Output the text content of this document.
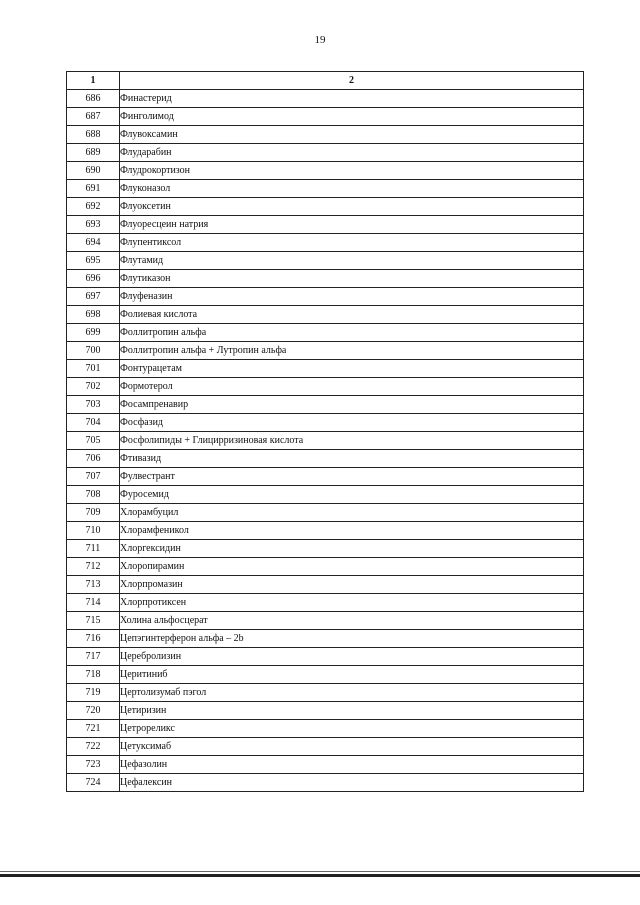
19
1	2
686	Финастерид
687	Финголимод
688	Флувоксамин
689	Флударабин
690	Флудрокортизон
691	Флуконазол
692	Флуоксетин
693	Флуоресцеин натрия
694	Флупентиксол
695	Флутамид
696	Флутиказон
697	Флуфеназин
698	Фолиевая кислота
699	Фоллитропин альфа
700	Фоллитропин альфа + Лутропин альфа
701	Фонтурацетам
702	Формотерол
703	Фосампренавир
704	Фосфазид
705	Фосфолипиды + Глицирризиновая кислота
706	Фтивазид
707	Фулвестрант
708	Фуросемид
709	Хлорамбуцил
710	Хлорамфеникол
711	Хлоргексидин
712	Хлоропирамин
713	Хлорпромазин
714	Хлорпротиксен
715	Холина альфосцерат
716	Цепэгинтерферон альфа – 2b
717	Церебролизин
718	Церитиниб
719	Цертолизумаб пэгол
720	Цетиризин
721	Цетрореликс
722	Цетуксимаб
723	Цефазолин
724	Цефалексин
